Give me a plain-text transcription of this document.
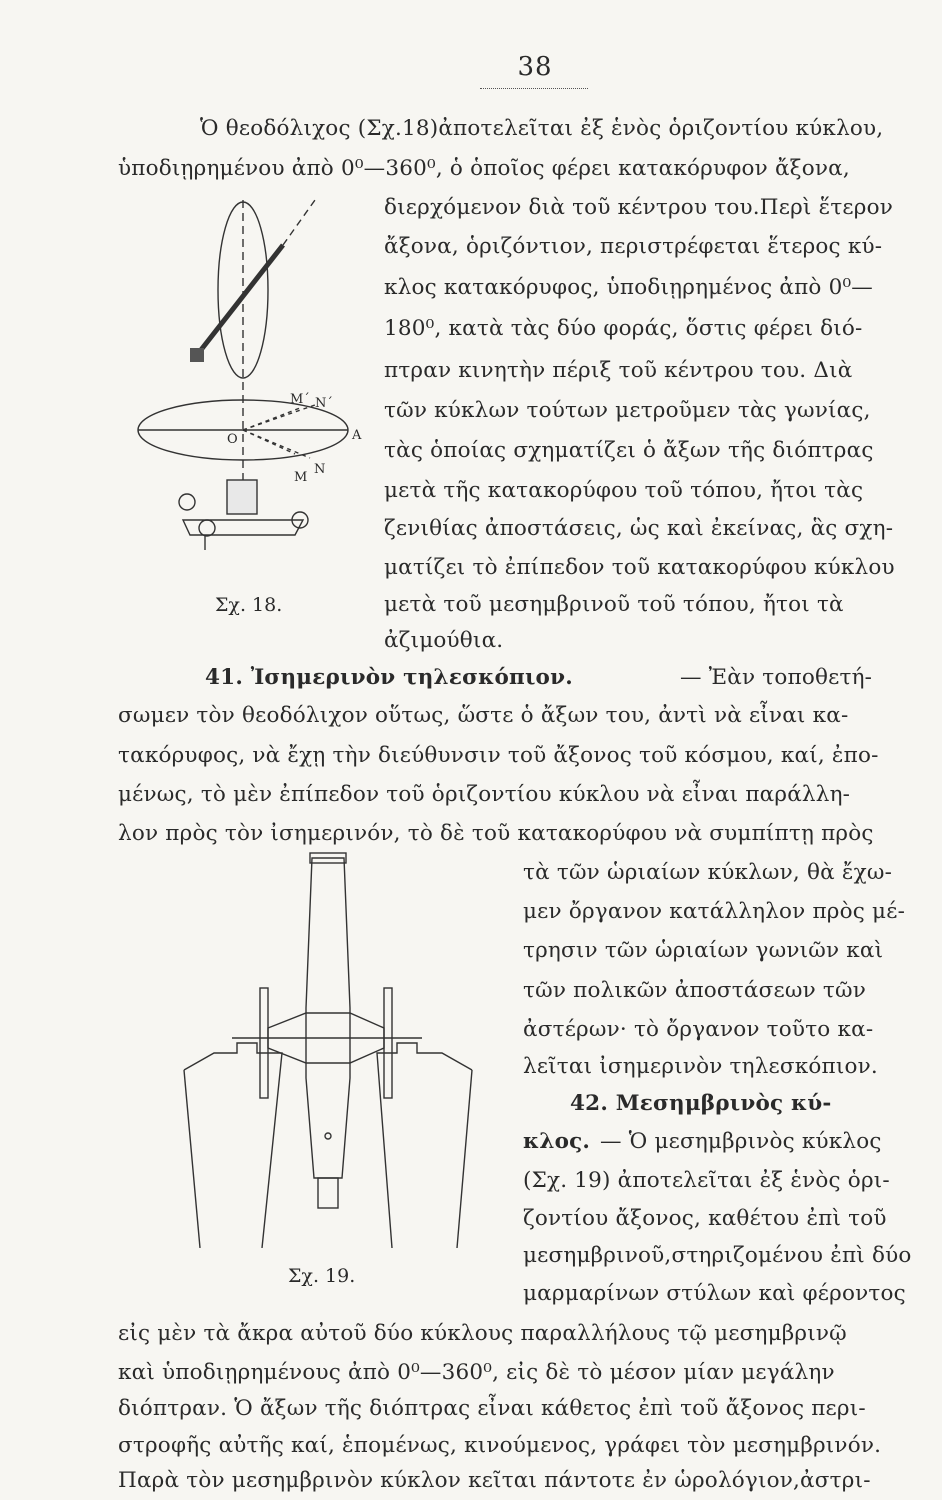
38
Ὁ θεοδόλιχος (Σχ.18)ἀποτελεῖται ἐξ ἑνὸς ὁριζοντίου κύκλου,
ὑποδιῃρημένου ἀπὸ 0⁰—360⁰, ὁ ὁποῖος φέρει κατακόρυφον ἄξονα,
διερχόμενον διὰ τοῦ κέντρου του.Περὶ ἕτερον
ἄξονα, ὁριζόντιον, περιστρέφεται ἕτερος κύ-
κλος κατακόρυφος, ὑποδιῃρημένος ἀπὸ 0⁰—
180⁰, κατὰ τὰς δύο φοράς, ὅστις φέρει διό-
πτραν κινητὴν πέριξ τοῦ κέντρου του. Διὰ
τῶν κύκλων τούτων μετροῦμεν τὰς γωνίας,
τὰς ὁποίας σχηματίζει ὁ ἄξων τῆς διόπτρας
μετὰ τῆς κατακορύφου τοῦ τόπου, ἤτοι τὰς
ζενιθίας ἀποστάσεις, ὡς καὶ ἐκείνας, ἃς σχη-
ματίζει τὸ ἐπίπεδον τοῦ κατακορύφου κύκλου
μετὰ τοῦ μεσημβρινοῦ τοῦ τόπου, ἤτοι τὰ
ἀζιμούθια.
M΄ N΄
A
O
M
N
Σχ. 18.
41. Ἰσημερινὸν τηλεσκόπιον.	— Ἐὰν τοποθετή-
σωμεν τὸν θεοδόλιχον οὕτως, ὥστε ὁ ἄξων του, ἀντὶ νὰ εἶναι κα-
τακόρυφος, νὰ ἔχῃ τὴν διεύθυνσιν τοῦ ἄξονος τοῦ κόσμου, καί, ἐπο-
μένως, τὸ μὲν ἐπίπεδον τοῦ ὁριζοντίου κύκλου νὰ εἶναι παράλλη-
λον πρὸς τὸν ἰσημερινόν, τὸ δὲ τοῦ κατακορύφου νὰ συμπίπτῃ πρὸς
τὰ τῶν ὡριαίων κύκλων, θὰ ἔχω-
μεν ὄργανον κατάλληλον πρὸς μέ-
τρησιν τῶν ὡριαίων γωνιῶν καὶ
τῶν πολικῶν ἀποστάσεων τῶν
ἀστέρων· τὸ ὄργανον τοῦτο κα-
λεῖται ἰσημερινὸν τηλεσκόπιον.
42. Μεσημβρινὸς κύ-
κλος. — Ὁ μεσημβρινὸς κύκλος
(Σχ. 19) ἀποτελεῖται ἐξ ἑνὸς ὁρι-
ζοντίου ἄξονος, καθέτου ἐπὶ τοῦ
μεσημβρινοῦ,στηριζομένου ἐπὶ δύο
μαρμαρίνων στύλων καὶ φέροντος
Σχ. 19.
εἰς μὲν τὰ ἄκρα αὐτοῦ δύο κύκλους παραλλήλους τῷ μεσημβρινῷ
καὶ ὑποδιῃρημένους ἀπὸ 0⁰—360⁰, εἰς δὲ τὸ μέσον μίαν μεγάλην
διόπτραν. Ὁ ἄξων τῆς διόπτρας εἶναι κάθετος ἐπὶ τοῦ ἄξονος περι-
στροφῆς αὐτῆς καί, ἑπομένως, κινούμενος, γράφει τὸν μεσημβρινόν.
Παρὰ τὸν μεσημβρινὸν κύκλον κεῖται πάντοτε ἐν ὡρολόγιον,ἀστρι-
